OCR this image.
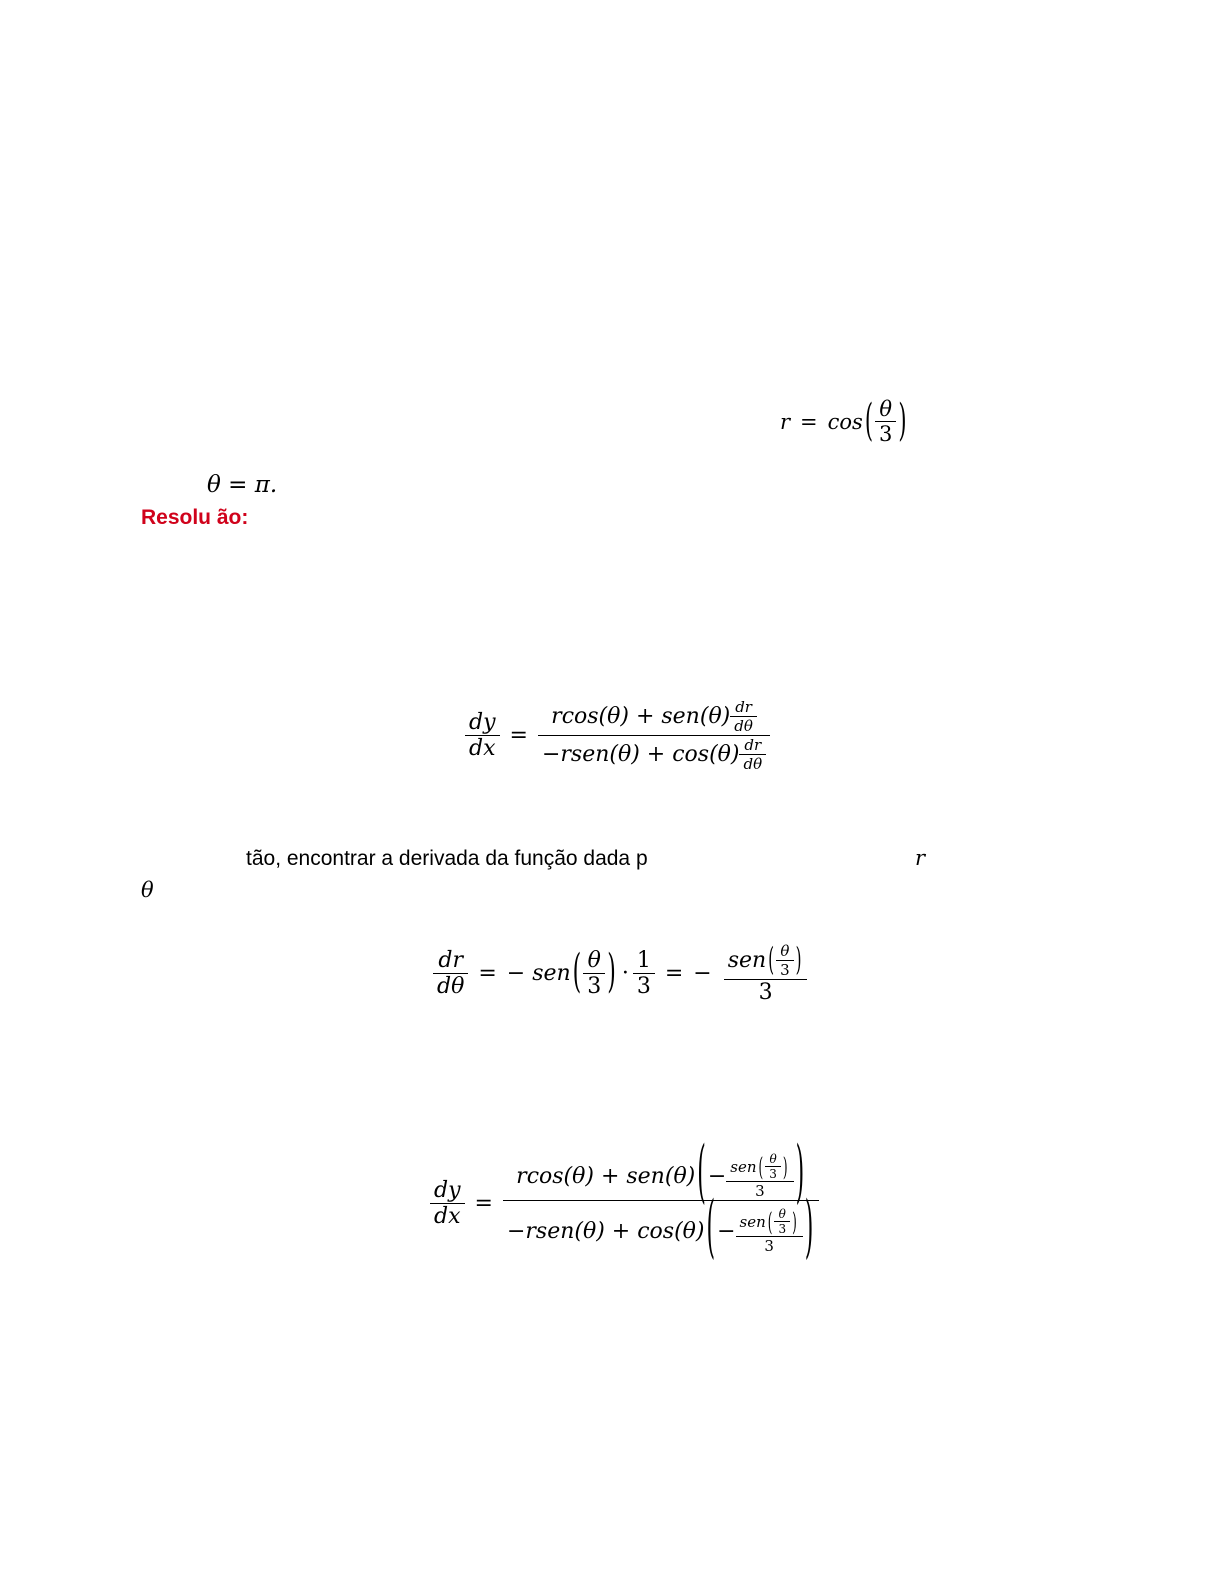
r = cos ( $\frac{\theta}{3}$ )
θ = π.
Resolu ão:
$\frac{dy}{dx} = \frac{rcos(\theta) + sen(\theta) \frac{dr}{d\theta}}{-rsen(\theta) + \cos(\theta) \frac{dr}{d\theta}}$
tão, encontrar a derivada da função dada p	r
θ
$\frac{dr}{d\theta}$ = − sen ( $\frac{\theta}{3}$ ) · $\frac{1}{3}$ = −
sen ( $\frac{\theta}{3}$ )
3
$\frac{dy}{dx}$ =
rcos(θ) + sen(θ) ( − sen ( $\frac{\theta}{3}$ )
3 )
−rsen(θ) + cos(θ) ( − sen ( $\frac{\theta}{3}$ )
3 )
